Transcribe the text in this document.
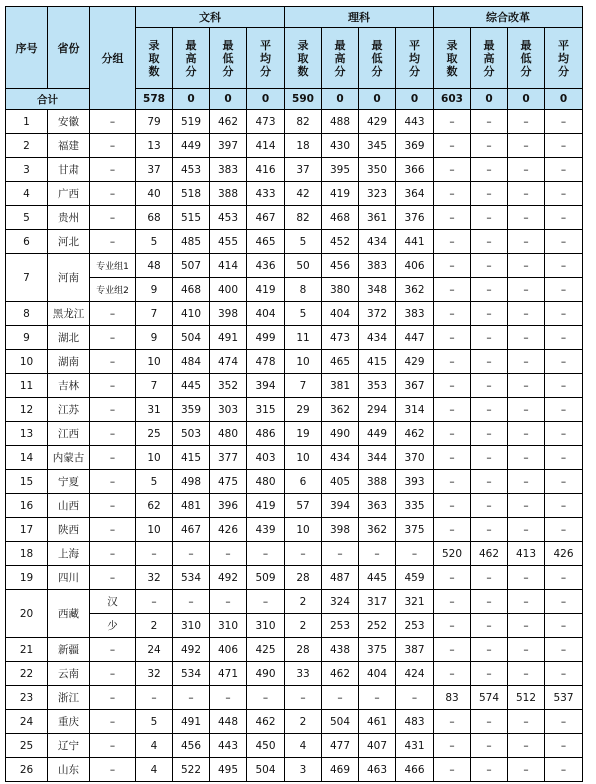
序号	省份	分组	文科				理科				综合改革			

			录取数	最高分	最低分	平均分	录取数	最高分	最低分	平均分	录取数	最高分	最低分	平均分

合计			578	0	0	0	590	0	0	0	603	0	0	0
1	安徽	–	79	519	462	473	82	488	429	443	–	–	–	–
2	福建	–	13	449	397	414	18	430	345	369	–	–	–	–
3	甘肃	–	37	453	383	416	37	395	350	366	–	–	–	–
4	广西	–	40	518	388	433	42	419	323	364	–	–	–	–
5	贵州	–	68	515	453	467	82	468	361	376	–	–	–	–
6	河北	–	5	485	455	465	5	452	434	441	–	–	–	–
7	河南	专业组1	48	507	414	436	50	456	383	406	–	–	–	–
		专业组2	9	468	400	419	8	380	348	362	–	–	–	–
8	黑龙江	–	7	410	398	404	5	404	372	383	–	–	–	–
9	湖北	–	9	504	491	499	11	473	434	447	–	–	–	–
10	湖南	–	10	484	474	478	10	465	415	429	–	–	–	–
11	吉林	–	7	445	352	394	7	381	353	367	–	–	–	–
12	江苏	–	31	359	303	315	29	362	294	314	–	–	–	–
13	江西	–	25	503	480	486	19	490	449	462	–	–	–	–
14	内蒙古	–	10	415	377	403	10	434	344	370	–	–	–	–
15	宁夏	–	5	498	475	480	6	405	388	393	–	–	–	–
16	山西	–	62	481	396	419	57	394	363	335	–	–	–	–
17	陕西	–	10	467	426	439	10	398	362	375	–	–	–	–
18	上海	–	–	–	–	–	–	–	–	–	520	462	413	426
19	四川	–	32	534	492	509	28	487	445	459	–	–	–	–
20	西藏	汉	–	–	–	–	2	324	317	321	–	–	–	–
		少	2	310	310	310	2	253	252	253	–	–	–	–
21	新疆	–	24	492	406	425	28	438	375	387	–	–	–	–
22	云南	–	32	534	471	490	33	462	404	424	–	–	–	–
23	浙江	–	–	–	–	–	–	–	–	–	83	574	512	537
24	重庆	–	5	491	448	462	2	504	461	483	–	–	–	–
25	辽宁	–	4	456	443	450	4	477	407	431	–	–	–	–
26	山东	–	4	522	495	504	3	469	463	466	–	–	–	–
